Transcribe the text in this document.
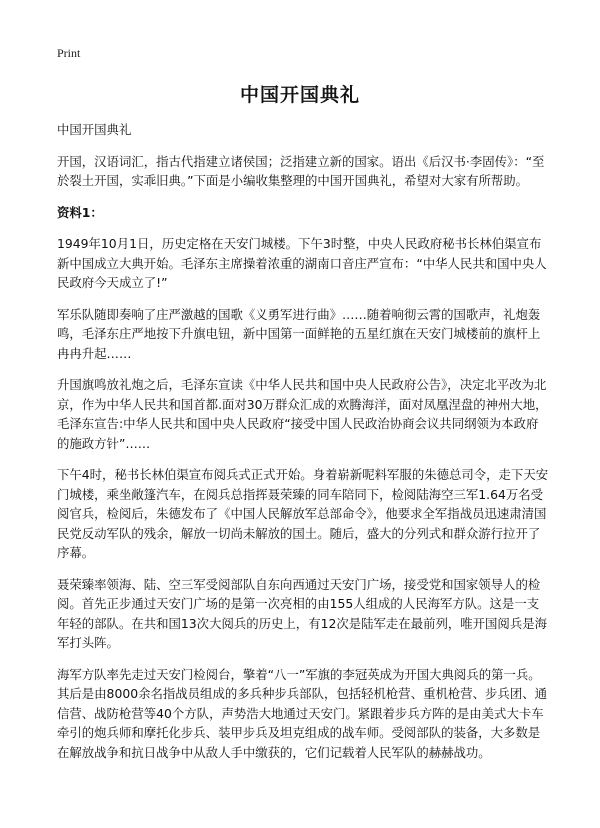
Print
中国开国典礼

中国开国典礼

开国，汉语词汇，指古代指建立诸侯国；泛指建立新的国家。语出《后汉书·李固传》：“至於裂土开国，实乖旧典。”下面是小编收集整理的中国开国典礼，希望对大家有所帮助。

资料1：

1949年10月1日，历史定格在天安门城楼。下午3时整，中央人民政府秘书长林伯渠宣布新中国成立大典开始。毛泽东主席操着浓重的湖南口音庄严宣布：“中华人民共和国中央人民政府今天成立了!”

军乐队随即奏响了庄严激越的国歌《义勇军进行曲》……随着响彻云霄的国歌声，礼炮轰鸣，毛泽东庄严地按下升旗电钮，新中国第一面鲜艳的五星红旗在天安门城楼前的旗杆上冉冉升起……

升国旗鸣放礼炮之后，毛泽东宣读《中华人民共和国中央人民政府公告》，决定北平改为北京，作为中华人民共和国首都.面对30万群众汇成的欢腾海洋，面对凤凰涅盘的神州大地，毛泽东宣告:中华人民共和国中央人民政府“接受中国人民政治协商会议共同纲领为本政府的施政方针”……

下午4时，秘书长林伯渠宣布阅兵式正式开始。身着崭新呢料军服的朱德总司令，走下天安门城楼，乘坐敞篷汽车，在阅兵总指挥聂荣臻的同车陪同下，检阅陆海空三军1.64万名受阅官兵，检阅后，朱德发布了《中国人民解放军总部命令》，他要求全军指战员迅速肃清国民党反动军队的残余，解放一切尚未解放的国土。随后，盛大的分列式和群众游行拉开了序幕。

聂荣臻率领海、陆、空三军受阅部队自东向西通过天安门广场，接受党和国家领导人的检阅。首先正步通过天安门广场的是第一次亮相的由155人组成的人民海军方队。这是一支年轻的部队。在共和国13次大阅兵的历史上，有12次是陆军走在最前列，唯开国阅兵是海军打头阵。

海军方队率先走过天安门检阅台，擎着“八一”军旗的李冠英成为开国大典阅兵的第一兵。其后是由8000余名指战员组成的多兵种步兵部队，包括轻机枪营、重机枪营、步兵团、通信营、战防枪营等40个方队，声势浩大地通过天安门。紧跟着步兵方阵的是由美式大卡车牵引的炮兵师和摩托化步兵、装甲步兵及坦克组成的战车师。受阅部队的装备，大多数是在解放战争和抗日战争中从敌人手中缴获的，它们记载着人民军队的赫赫战功。
